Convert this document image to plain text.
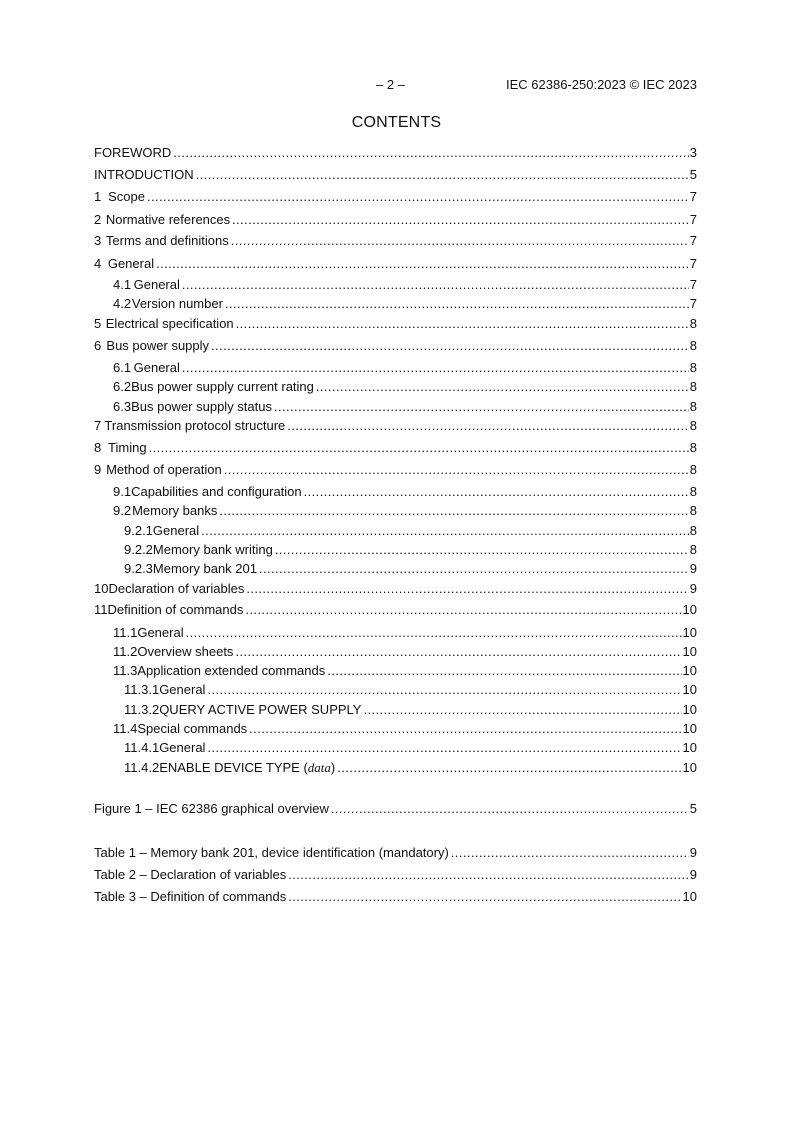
– 2 –	IEC 62386-250:2023 © IEC 2023
CONTENTS
FOREWORD .....	3
INTRODUCTION .....	5
1 Scope .....	7
2 Normative references .....	7
3 Terms and definitions .....	7
4 General .....	7
4.1 General .....	7
4.2 Version number .....	7
5 Electrical specification .....	8
6 Bus power supply .....	8
6.1 General .....	8
6.2 Bus power supply current rating .....	8
6.3 Bus power supply status .....	8
7 Transmission protocol structure .....	8
8 Timing .....	8
9 Method of operation .....	8
9.1 Capabilities and configuration .....	8
9.2 Memory banks .....	8
9.2.1 General .....	8
9.2.2 Memory bank writing .....	8
9.2.3 Memory bank 201 .....	9
10 Declaration of variables .....	9
11 Definition of commands .....	10
11.1 General .....	10
11.2 Overview sheets .....	10
11.3 Application extended commands .....	10
11.3.1 General .....	10
11.3.2 QUERY ACTIVE POWER SUPPLY .....	10
11.4 Special commands .....	10
11.4.1 General .....	10
11.4.2 ENABLE DEVICE TYPE (data) .....	10
Figure 1 – IEC 62386 graphical overview .....	5
Table 1 – Memory bank 201, device identification (mandatory) .....	9
Table 2 – Declaration of variables .....	9
Table 3 – Definition of commands .....	10
